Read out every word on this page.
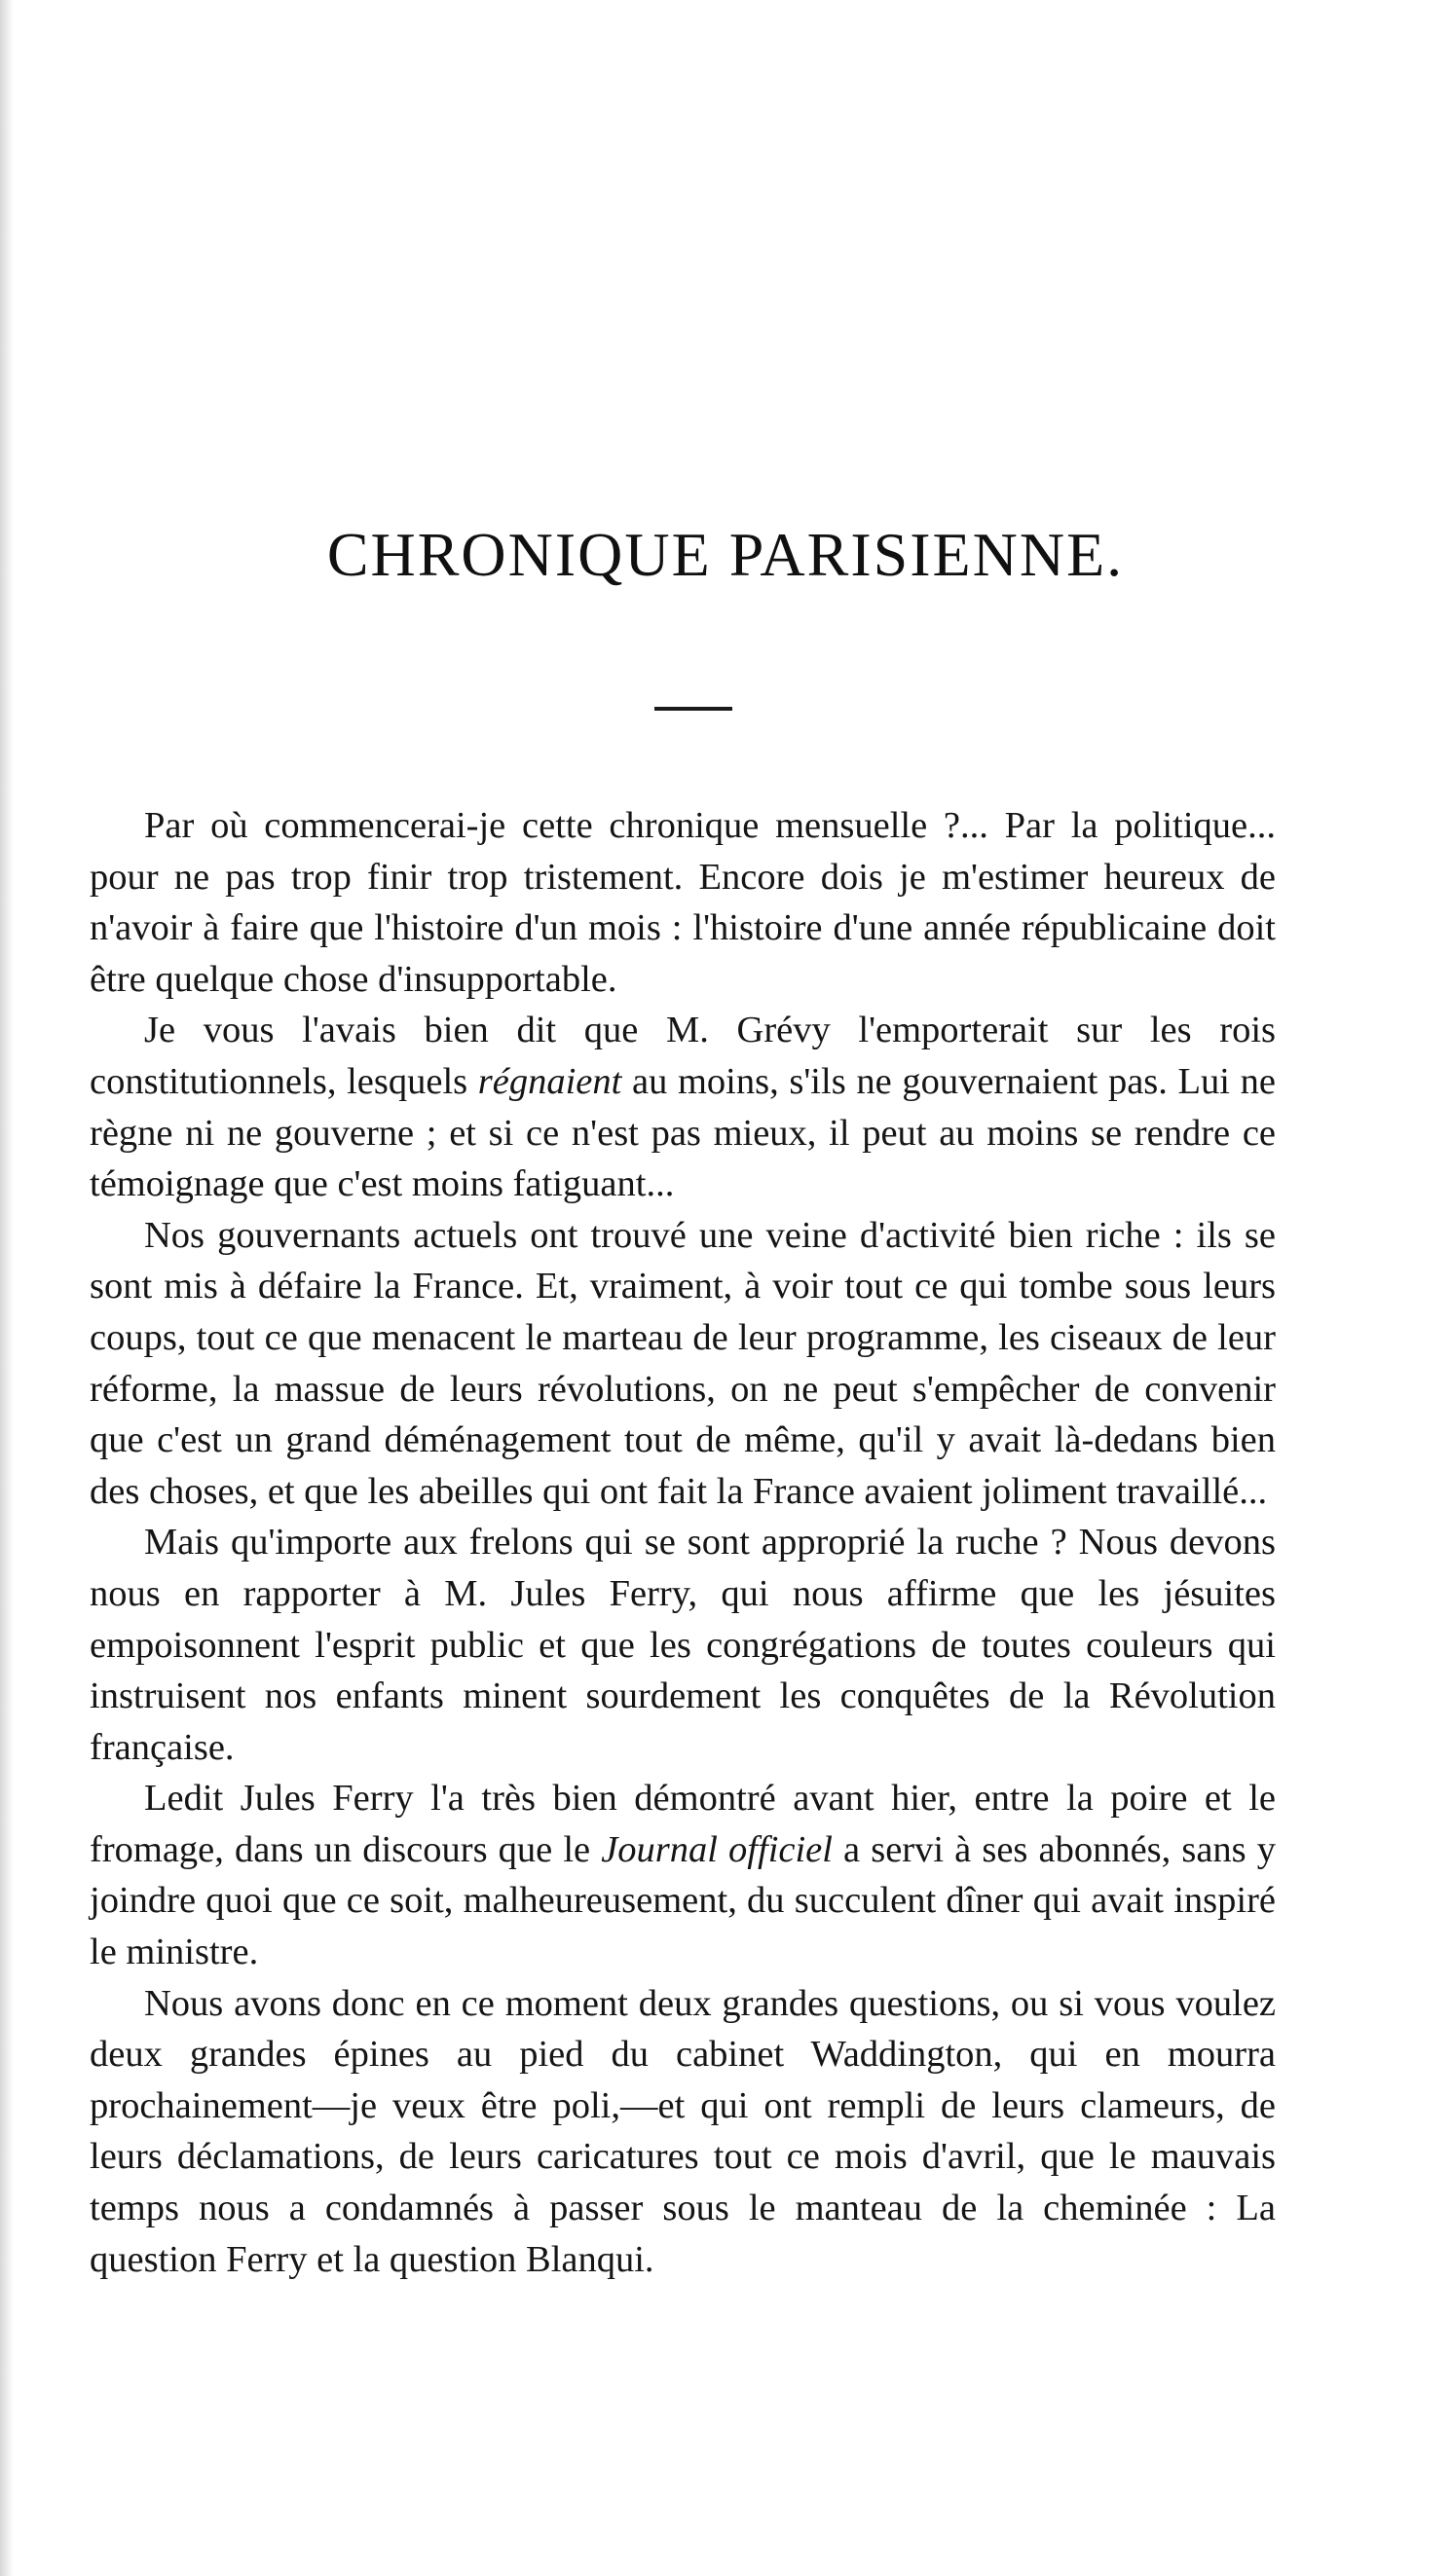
CHRONIQUE PARISIENNE.

Par où commencerai-je cette chronique mensuelle ?... Par la politique... pour ne pas trop finir trop tristement. Encore dois je m'estimer heureux de n'avoir à faire que l'histoire d'un mois : l'histoire d'une année républicaine doit être quelque chose d'insupportable.

Je vous l'avais bien dit que M. Grévy l'emporterait sur les rois constitutionnels, lesquels régnaient au moins, s'ils ne gouvernaient pas. Lui ne règne ni ne gouverne ; et si ce n'est pas mieux, il peut au moins se rendre ce témoignage que c'est moins fatiguant...

Nos gouvernants actuels ont trouvé une veine d'activité bien riche : ils se sont mis à défaire la France. Et, vraiment, à voir tout ce qui tombe sous leurs coups, tout ce que menacent le marteau de leur programme, les ciseaux de leur réforme, la massue de leurs révolutions, on ne peut s'empêcher de convenir que c'est un grand déménagement tout de même, qu'il y avait là-dedans bien des choses, et que les abeilles qui ont fait la France avaient joliment travaillé...

Mais qu'importe aux frelons qui se sont approprié la ruche ? Nous devons nous en rapporter à M. Jules Ferry, qui nous affirme que les jésuites empoisonnent l'esprit public et que les congrégations de toutes couleurs qui instruisent nos enfants minent sourdement les conquêtes de la Révolution française.

Ledit Jules Ferry l'a très bien démontré avant hier, entre la poire et le fromage, dans un discours que le Journal officiel a servi à ses abonnés, sans y joindre quoi que ce soit, malheureusement, du succulent dîner qui avait inspiré le ministre.

Nous avons donc en ce moment deux grandes questions, ou si vous voulez deux grandes épines au pied du cabinet Waddington, qui en mourra prochainement—je veux être poli,—et qui ont rempli de leurs clameurs, de leurs déclamations, de leurs caricatures tout ce mois d'avril, que le mauvais temps nous a condamnés à passer sous le manteau de la cheminée : La question Ferry et la question Blanqui.
